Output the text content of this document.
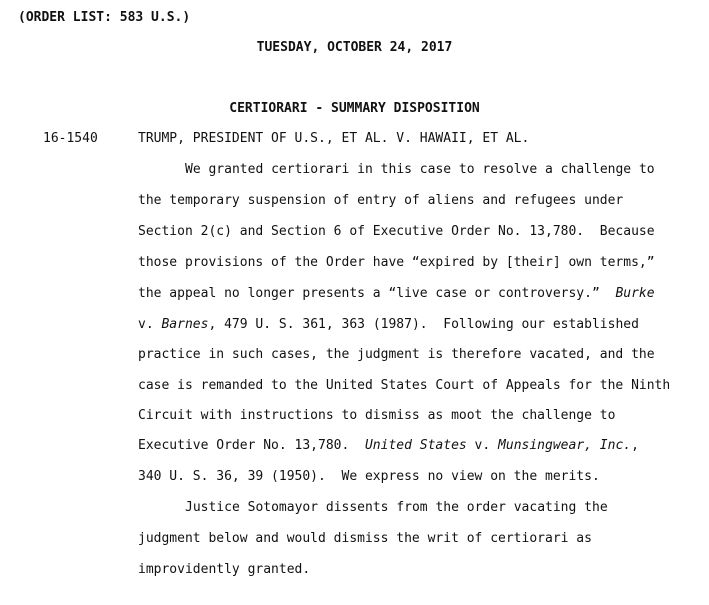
(ORDER LIST: 583 U.S.)
TUESDAY, OCTOBER 24, 2017
CERTIORARI - SUMMARY DISPOSITION
16-1540	TRUMP, PRESIDENT OF U.S., ET AL. V. HAWAII, ET AL.
We granted certiorari in this case to resolve a challenge to
the temporary suspension of entry of aliens and refugees under
Section 2(c) and Section 6 of Executive Order No. 13,780.  Because
those provisions of the Order have “expired by [their] own terms,”
the appeal no longer presents a “live case or controversy.”  Burke
v. Barnes, 479 U. S. 361, 363 (1987).  Following our established
practice in such cases, the judgment is therefore vacated, and the
case is remanded to the United States Court of Appeals for the Ninth
Circuit with instructions to dismiss as moot the challenge to
Executive Order No. 13,780.  United States v. Munsingwear, Inc.,
340 U. S. 36, 39 (1950).  We express no view on the merits.
Justice Sotomayor dissents from the order vacating the
judgment below and would dismiss the writ of certiorari as
improvidently granted.
